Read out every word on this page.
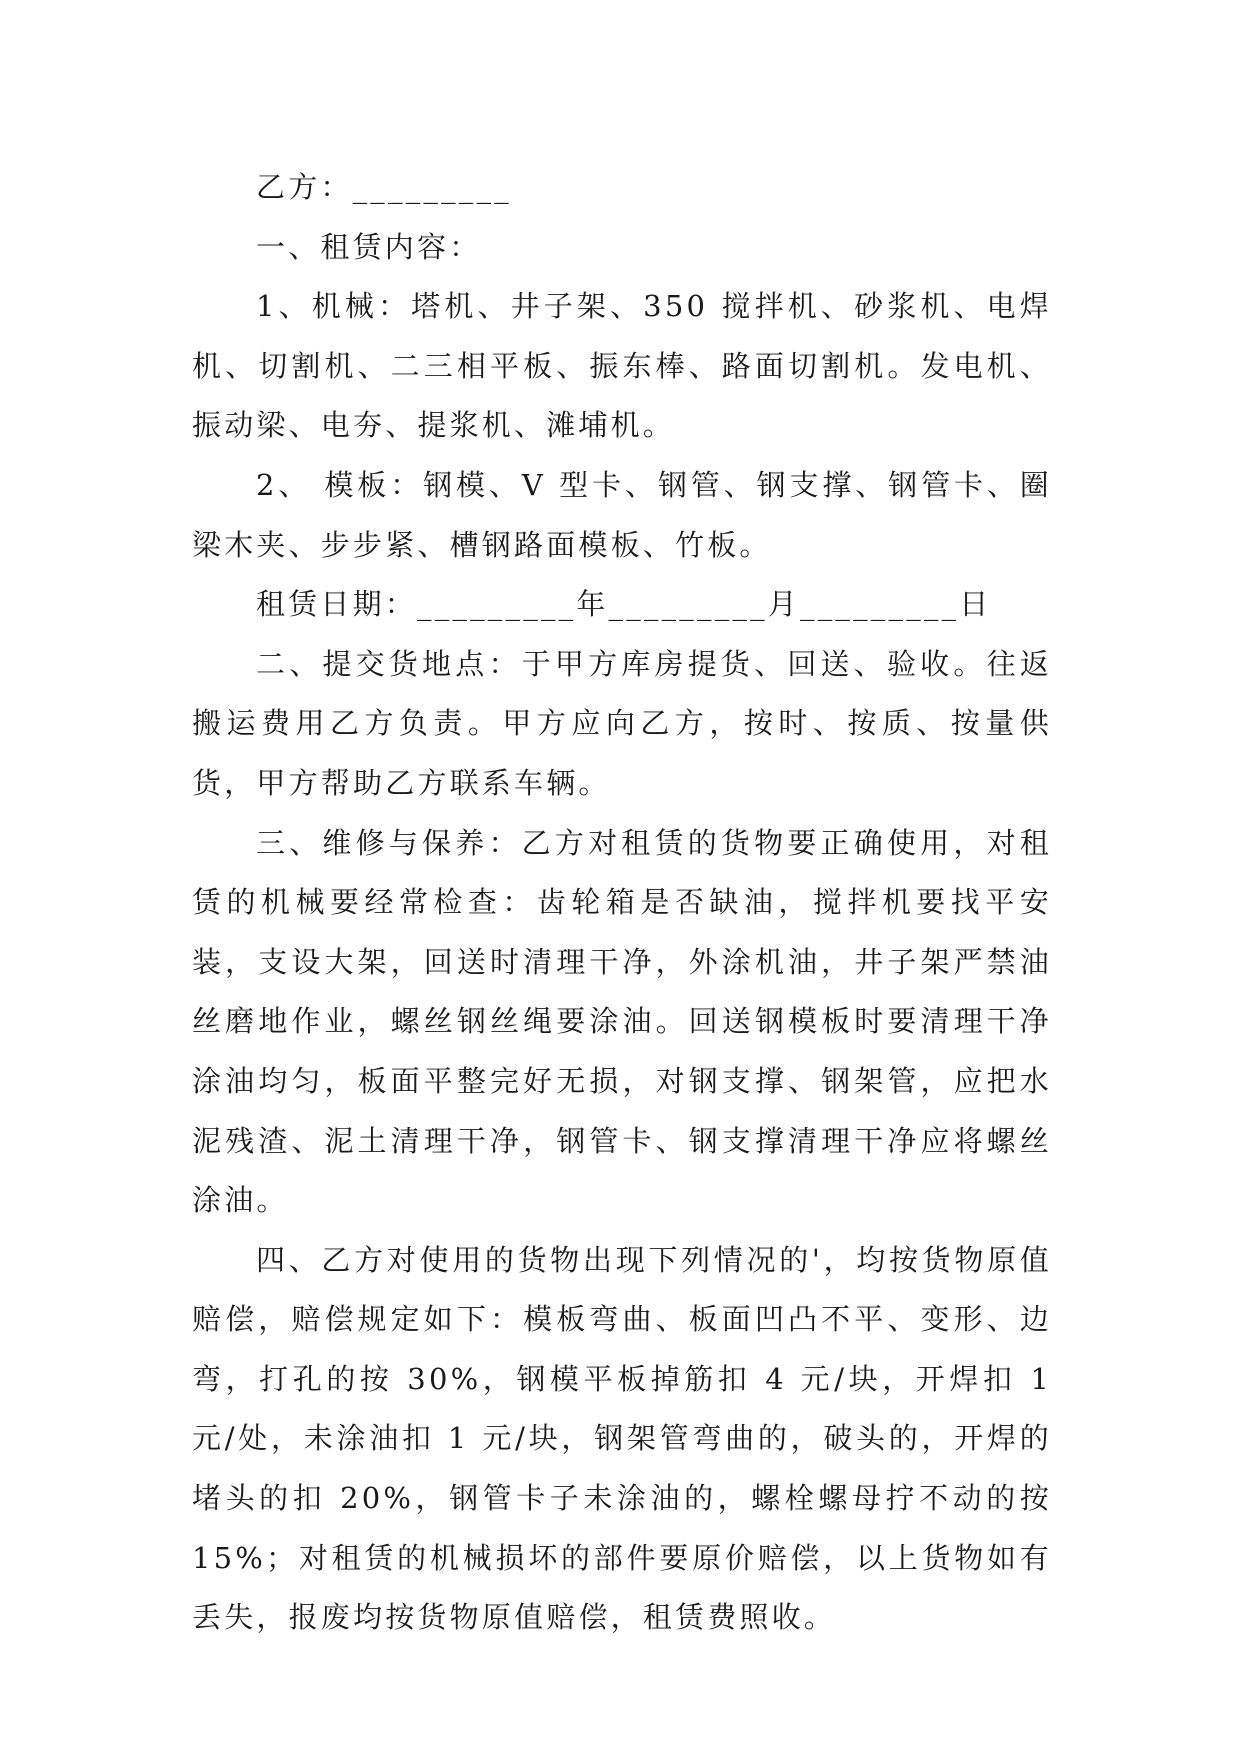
乙方：_________

一、租赁内容：

1、机械：塔机、井子架、350 搅拌机、砂浆机、电焊机、切割机、二三相平板、振东棒、路面切割机。发电机、振动梁、电夯、提浆机、滩埔机。

2、 模板：钢模、V 型卡、钢管、钢支撑、钢管卡、圈梁木夹、步步紧、槽钢路面模板、竹板。

租赁日期：_________年_________月_________日

二、提交货地点：于甲方库房提货、回送、验收。往返搬运费用乙方负责。甲方应向乙方，按时、按质、按量供货，甲方帮助乙方联系车辆。

三、维修与保养：乙方对租赁的货物要正确使用，对租赁的机械要经常检查：齿轮箱是否缺油，搅拌机要找平安装，支设大架，回送时清理干净，外涂机油，井子架严禁油丝磨地作业，螺丝钢丝绳要涂油。回送钢模板时要清理干净涂油均匀，板面平整完好无损，对钢支撑、钢架管，应把水泥残渣、泥土清理干净，钢管卡、钢支撑清理干净应将螺丝涂油。

四、乙方对使用的货物出现下列情况的'，均按货物原值赔偿，赔偿规定如下：模板弯曲、板面凹凸不平、变形、边弯，打孔的按 30%，钢模平板掉筋扣 4 元/块，开焊扣 1 元/处，未涂油扣 1 元/块，钢架管弯曲的，破头的，开焊的堵头的扣 20%，钢管卡子未涂油的，螺栓螺母拧不动的按 15%；对租赁的机械损坏的部件要原价赔偿，以上货物如有丢失，报废均按货物原值赔偿，租赁费照收。
